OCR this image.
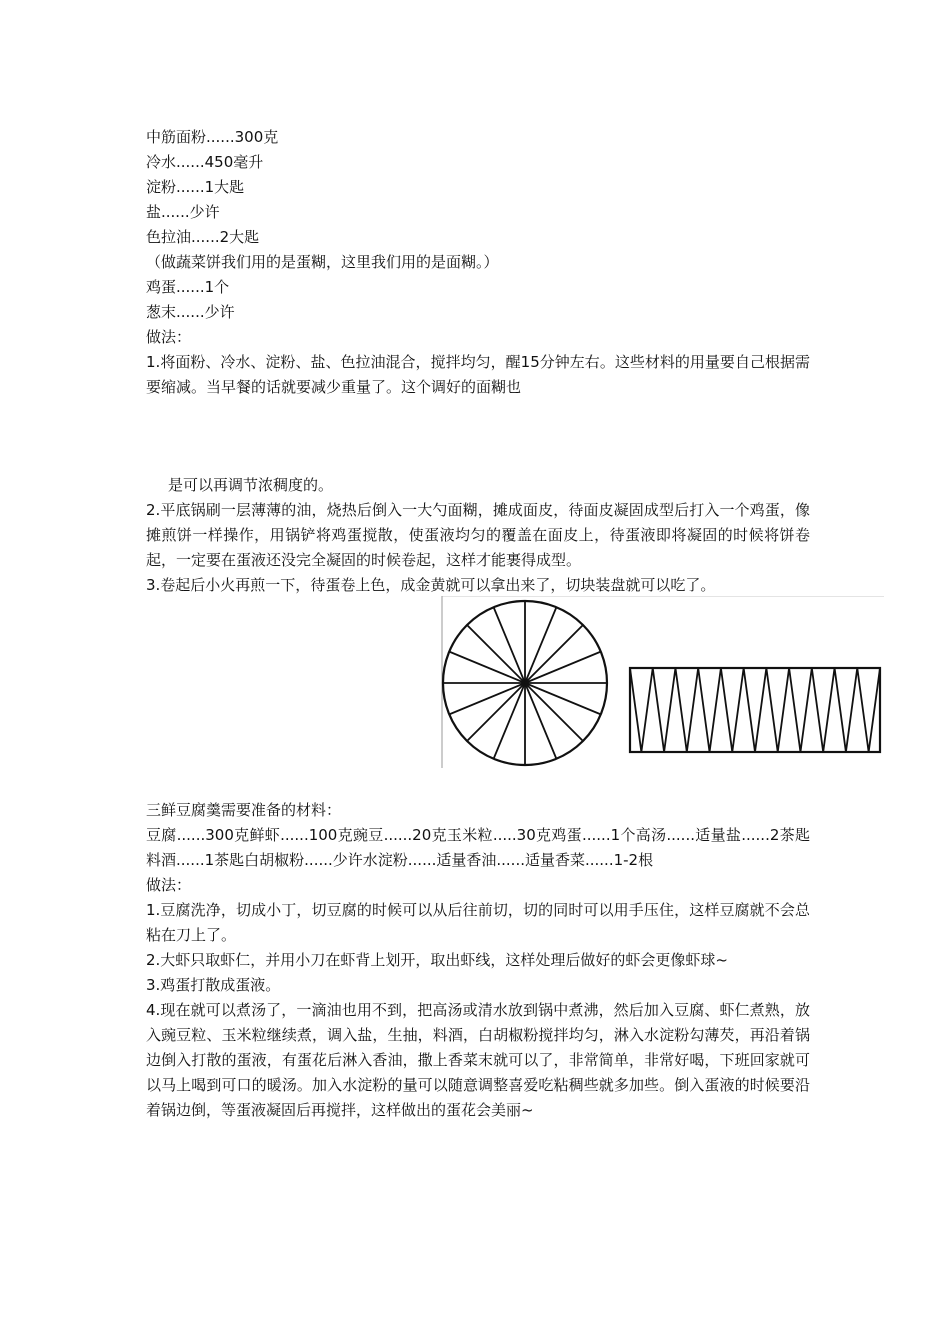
中筋面粉......300克
冷水......450毫升
淀粉......1大匙
盐......少许
色拉油......2大匙
（做蔬菜饼我们用的是蛋糊，这里我们用的是面糊。）
鸡蛋......1个
葱末......少许
做法：
1.将面粉、冷水、淀粉、盐、色拉油混合，搅拌均匀，醒15分钟左右。这些材料的用量要自己根据需要缩减。当早餐的话就要减少重量了。这个调好的面糊也
是可以再调节浓稠度的。
2.平底锅刷一层薄薄的油，烧热后倒入一大勺面糊，摊成面皮，待面皮凝固成型后打入一个鸡蛋，像摊煎饼一样操作，用锅铲将鸡蛋搅散，使蛋液均匀的覆盖在面皮上，待蛋液即将凝固的时候将饼卷起，一定要在蛋液还没完全凝固的时候卷起，这样才能裹得成型。
3.卷起后小火再煎一下，待蛋卷上色，成金黄就可以拿出来了，切块装盘就可以吃了。
三鲜豆腐羹需要准备的材料：
豆腐......300克鲜虾......100克豌豆......20克玉米粒.....30克鸡蛋......1个高汤......适量盐......2茶匙料酒......1茶匙白胡椒粉......少许水淀粉......适量香油......适量香菜......1-2根
做法：
1.豆腐洗净，切成小丁，切豆腐的时候可以从后往前切，切的同时可以用手压住，这样豆腐就不会总粘在刀上了。
2.大虾只取虾仁，并用小刀在虾背上划开，取出虾线，这样处理后做好的虾会更像虾球~
3.鸡蛋打散成蛋液。
4.现在就可以煮汤了，一滴油也用不到，把高汤或清水放到锅中煮沸，然后加入豆腐、虾仁煮熟，放入豌豆粒、玉米粒继续煮，调入盐，生抽，料酒，白胡椒粉搅拌均匀，淋入水淀粉勾薄芡，再沿着锅边倒入打散的蛋液，有蛋花后淋入香油，撒上香菜末就可以了，非常简单，非常好喝，下班回家就可以马上喝到可口的暖汤。加入水淀粉的量可以随意调整喜爱吃粘稠些就多加些。倒入蛋液的时候要沿着锅边倒，等蛋液凝固后再搅拌，这样做出的蛋花会美丽~
